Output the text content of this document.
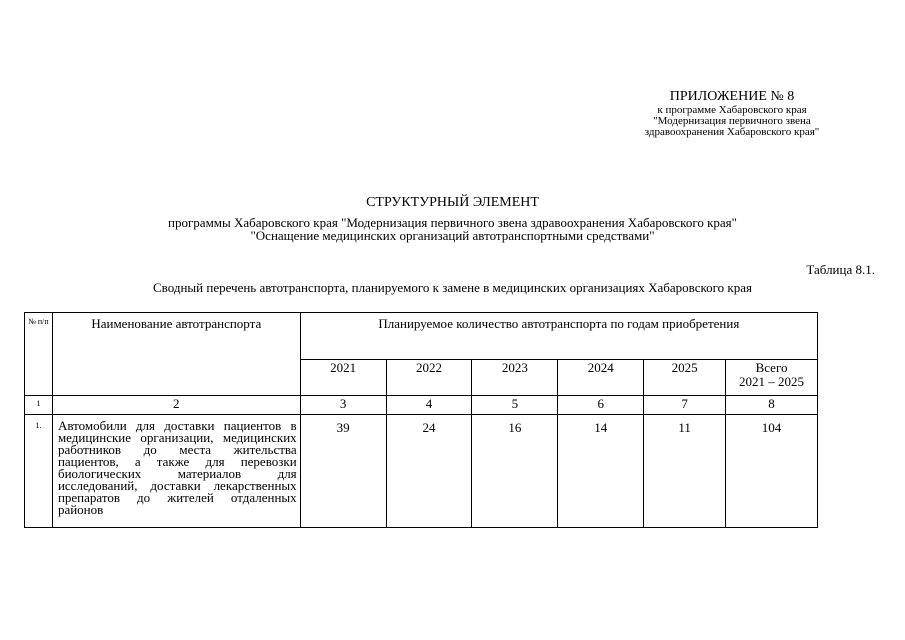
ПРИЛОЖЕНИЕ № 8
к программе Хабаровского края
"Модернизация первичного звена
здравоохранения Хабаровского края"
СТРУКТУРНЫЙ ЭЛЕМЕНТ
программы Хабаровского края "Модернизация первичного звена здравоохранения Хабаровского края"
"Оснащение медицинских организаций автотранспортными средствами"
Таблица 8.1.
Сводный перечень автотранспорта, планируемого к замене в медицинских организациях Хабаровского края
№ п/п	Наименование автотранспорта	Планируемое количество автотранспорта по годам приобретения					
		2021	2022	2023	2024	2025	Всего
2021 – 2025

1	2	3	4	5	6	7	8
1.	Автомобили для доставки пациентов в медицинские организации, медицинских работников до места жительства пациентов, а также для перевозки биологических материалов для исследований, доставки лекарственных препаратов до жителей отдаленных районов	39	24	16	14	11	104
